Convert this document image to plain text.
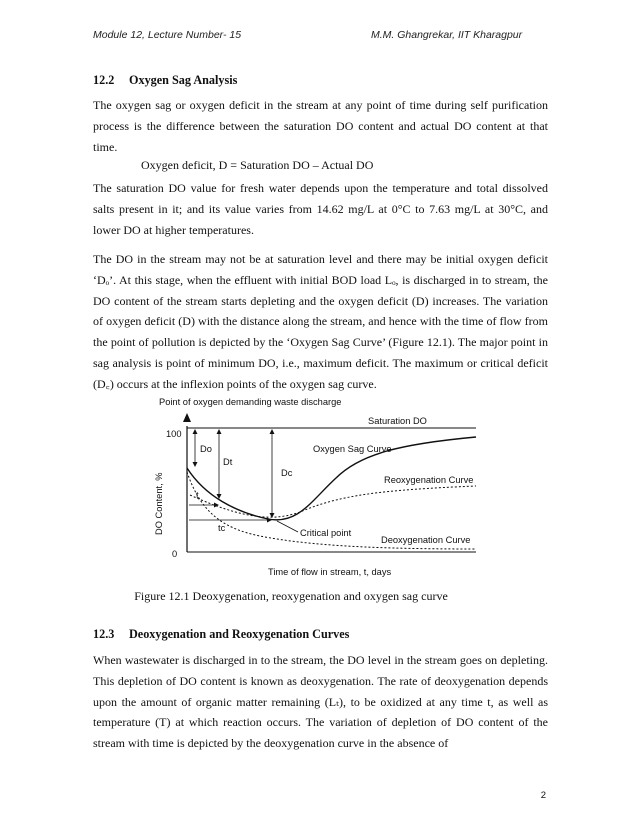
Module 12, Lecture Number- 15	M.M. Ghangrekar, IIT Kharagpur
12.2 Oxygen Sag Analysis
The oxygen sag or oxygen deficit in the stream at any point of time during self purification process is the difference between the saturation DO content and actual DO content at that time.
Oxygen deficit, D = Saturation DO – Actual DO
The saturation DO value for fresh water depends upon the temperature and total dissolved salts present in it; and its value varies from 14.62 mg/L at 0°C to 7.63 mg/L at 30°C, and lower DO at higher temperatures.
The DO in the stream may not be at saturation level and there may be initial oxygen deficit ‘Dₒ’. At this stage, when the effluent with initial BOD load Lₒ, is discharged in to stream, the DO content of the stream starts depleting and the oxygen deficit (D) increases. The variation of oxygen deficit (D) with the distance along the stream, and hence with the time of flow from the point of pollution is depicted by the ‘Oxygen Sag Curve’ (Figure 12.1). The major point in sag analysis is point of minimum DO, i.e., maximum deficit. The maximum or critical deficit (D꜀) occurs at the inflexion points of the oxygen sag curve.
Point of oxygen demanding waste discharge
Saturation DO
100
0
DO Content, %
Time of flow in stream, t, days
Do
Dt
Dc
t
tc	Critical point
Oxygen Sag Curve
Reoxygenation Curve
Deoxygenation Curve
Figure 12.1 Deoxygenation, reoxygenation and oxygen sag curve
12.3 Deoxygenation and Reoxygenation Curves
When wastewater is discharged in to the stream, the DO level in the stream goes on depleting. This depletion of DO content is known as deoxygenation. The rate of deoxygenation depends upon the amount of organic matter remaining (Lₜ), to be oxidized at any time t, as well as temperature (T) at which reaction occurs. The variation of depletion of DO content of the stream with time is depicted by the deoxygenation curve in the absence of
2
